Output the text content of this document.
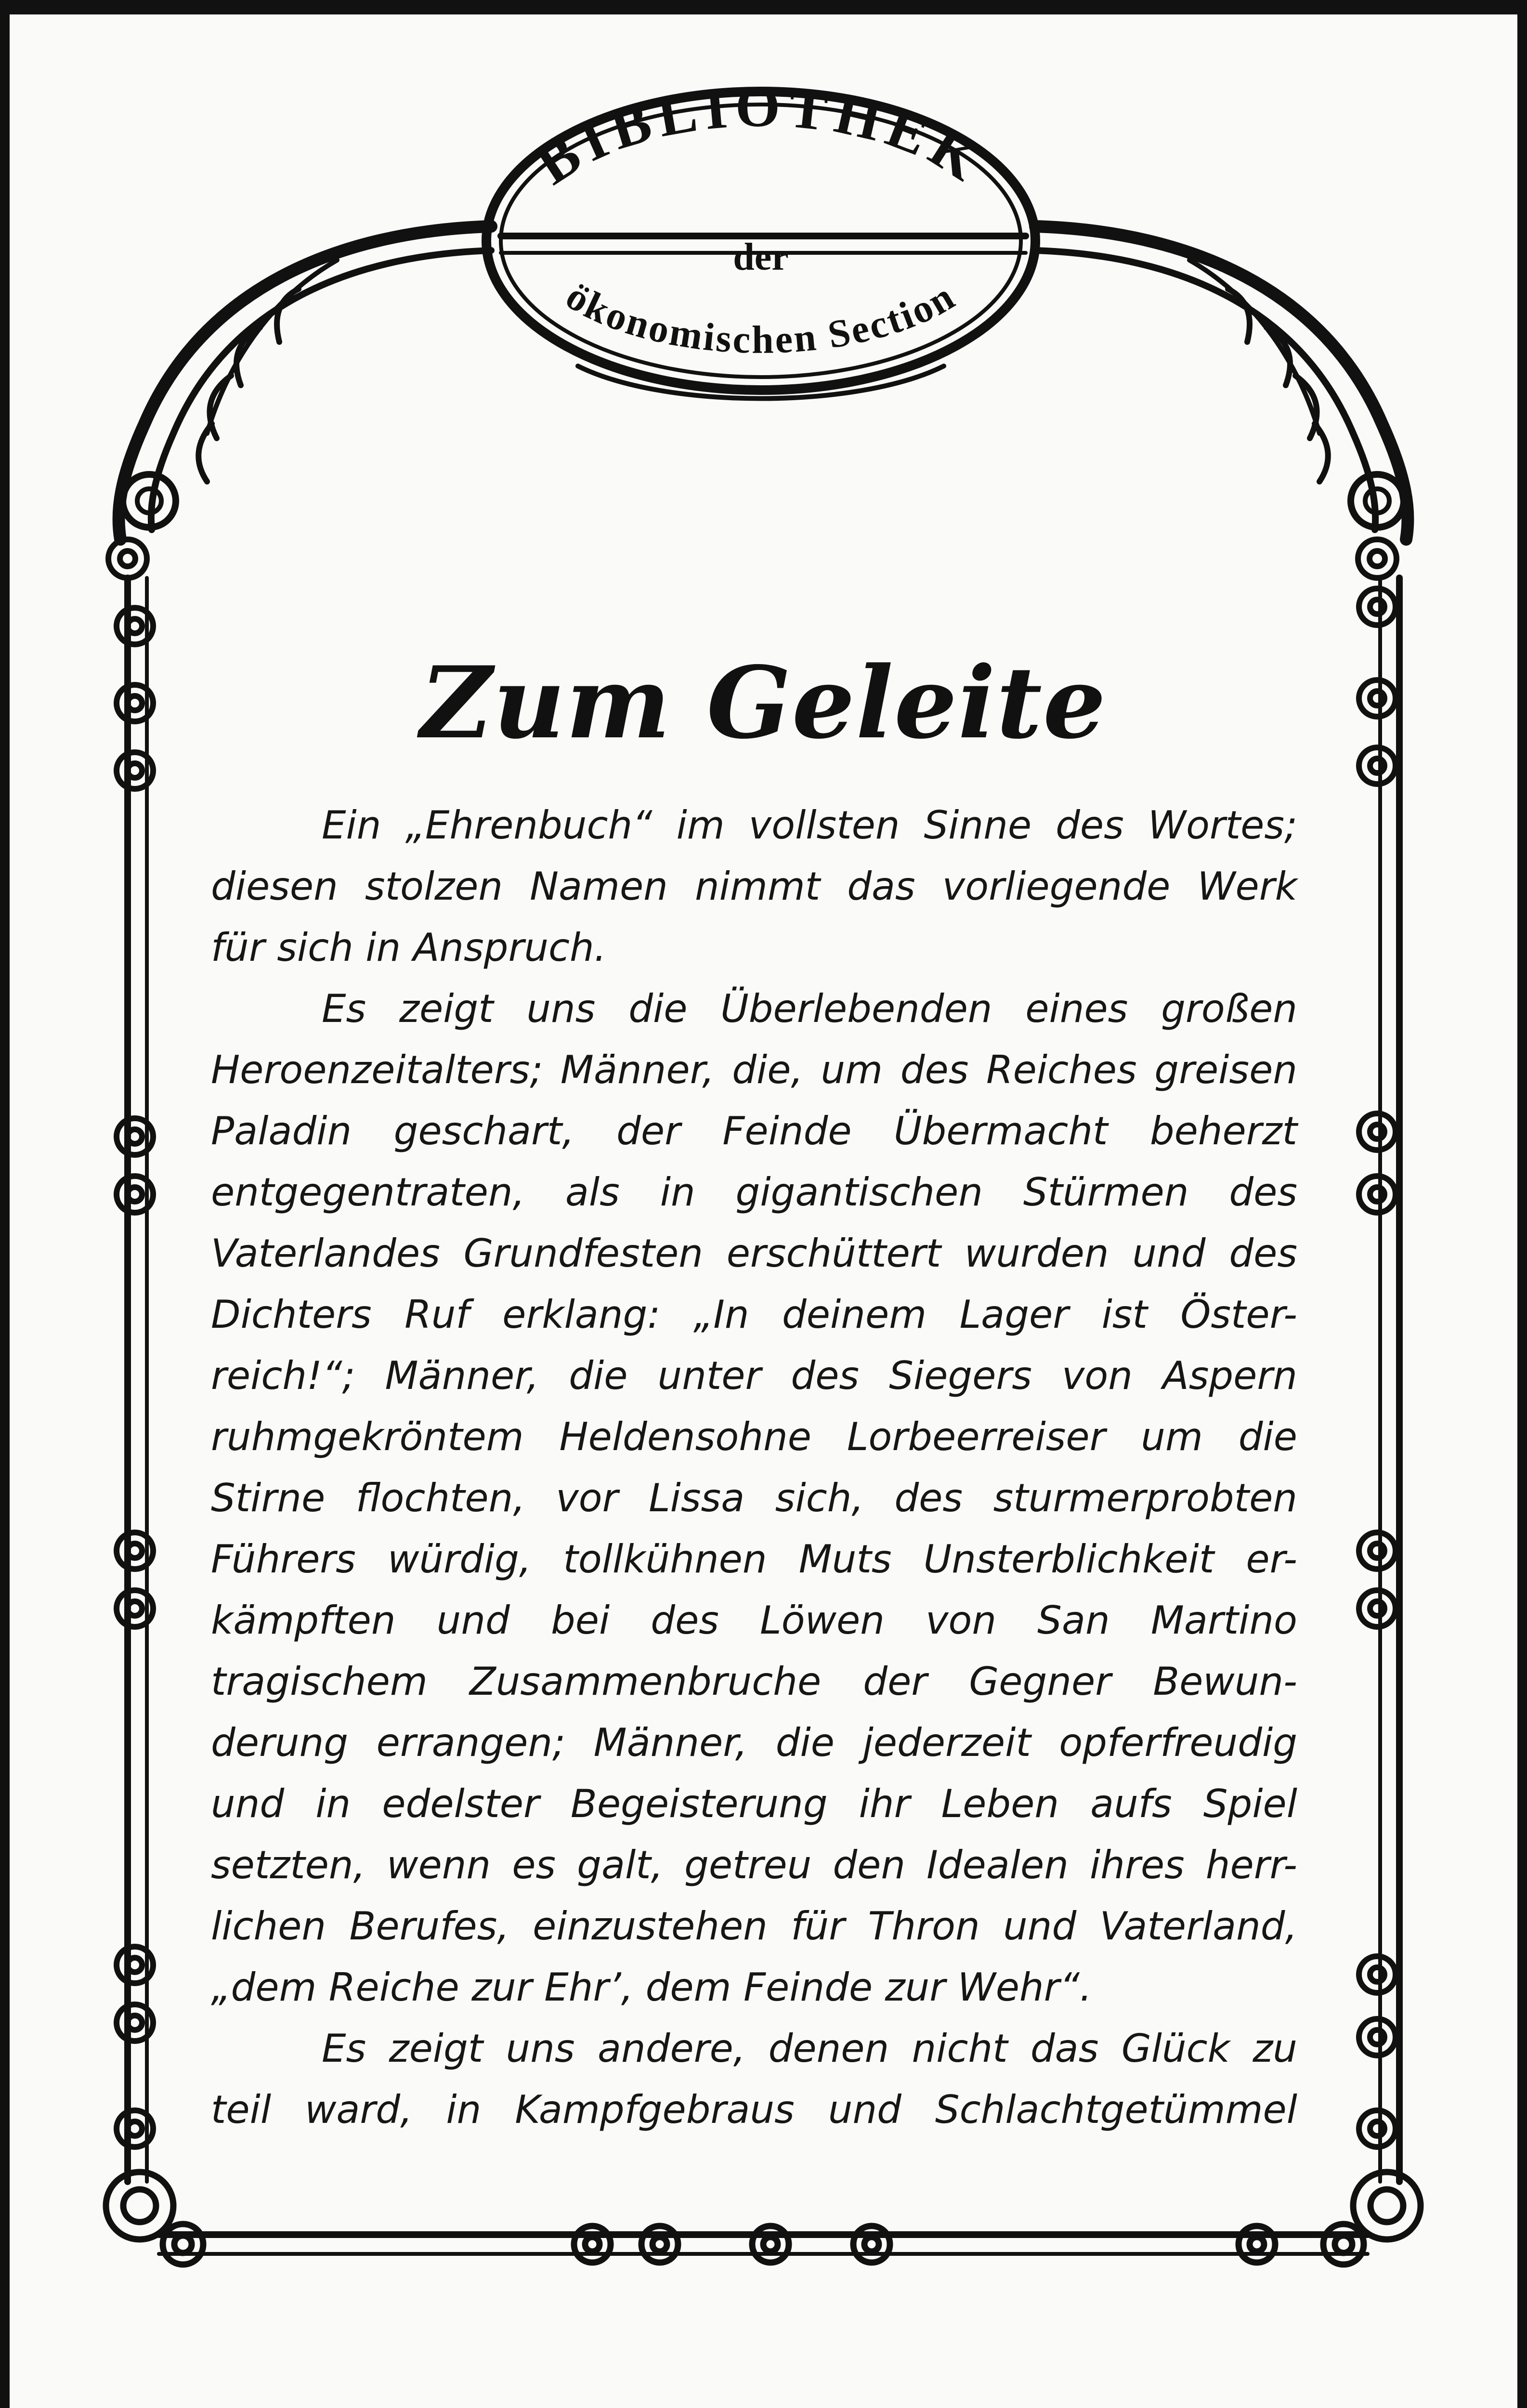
BIBLIOTHEK
der
ökonomischen Section
Zum Geleite
Ein „Ehrenbuch“ im vollsten Sinne des Wortes;
diesen stolzen Namen nimmt das vorliegende Werk
für sich in Anspruch.
Es zeigt uns die Überlebenden eines großen
Heroenzeitalters; Männer, die, um des Reiches greisen
Paladin geschart, der Feinde Übermacht beherzt
entgegentraten, als in gigantischen Stürmen des
Vaterlandes Grundfesten erschüttert wurden und des
Dichters Ruf erklang: „In deinem Lager ist Öster-
reich!“; Männer, die unter des Siegers von Aspern
ruhmgekröntem Heldensohne Lorbeerreiser um die
Stirne flochten, vor Lissa sich, des sturmerprobten
Führers würdig, tollkühnen Muts Unsterblichkeit er-
kämpften und bei des Löwen von San Martino
tragischem Zusammenbruche der Gegner Bewun-
derung errangen; Männer, die jederzeit opferfreudig
und in edelster Begeisterung ihr Leben aufs Spiel
setzten, wenn es galt, getreu den Idealen ihres herr-
lichen Berufes, einzustehen für Thron und Vaterland,
„dem Reiche zur Ehr’, dem Feinde zur Wehr“.
Es zeigt uns andere, denen nicht das Glück zu
teil ward, in Kampfgebraus und Schlachtgetümmel
